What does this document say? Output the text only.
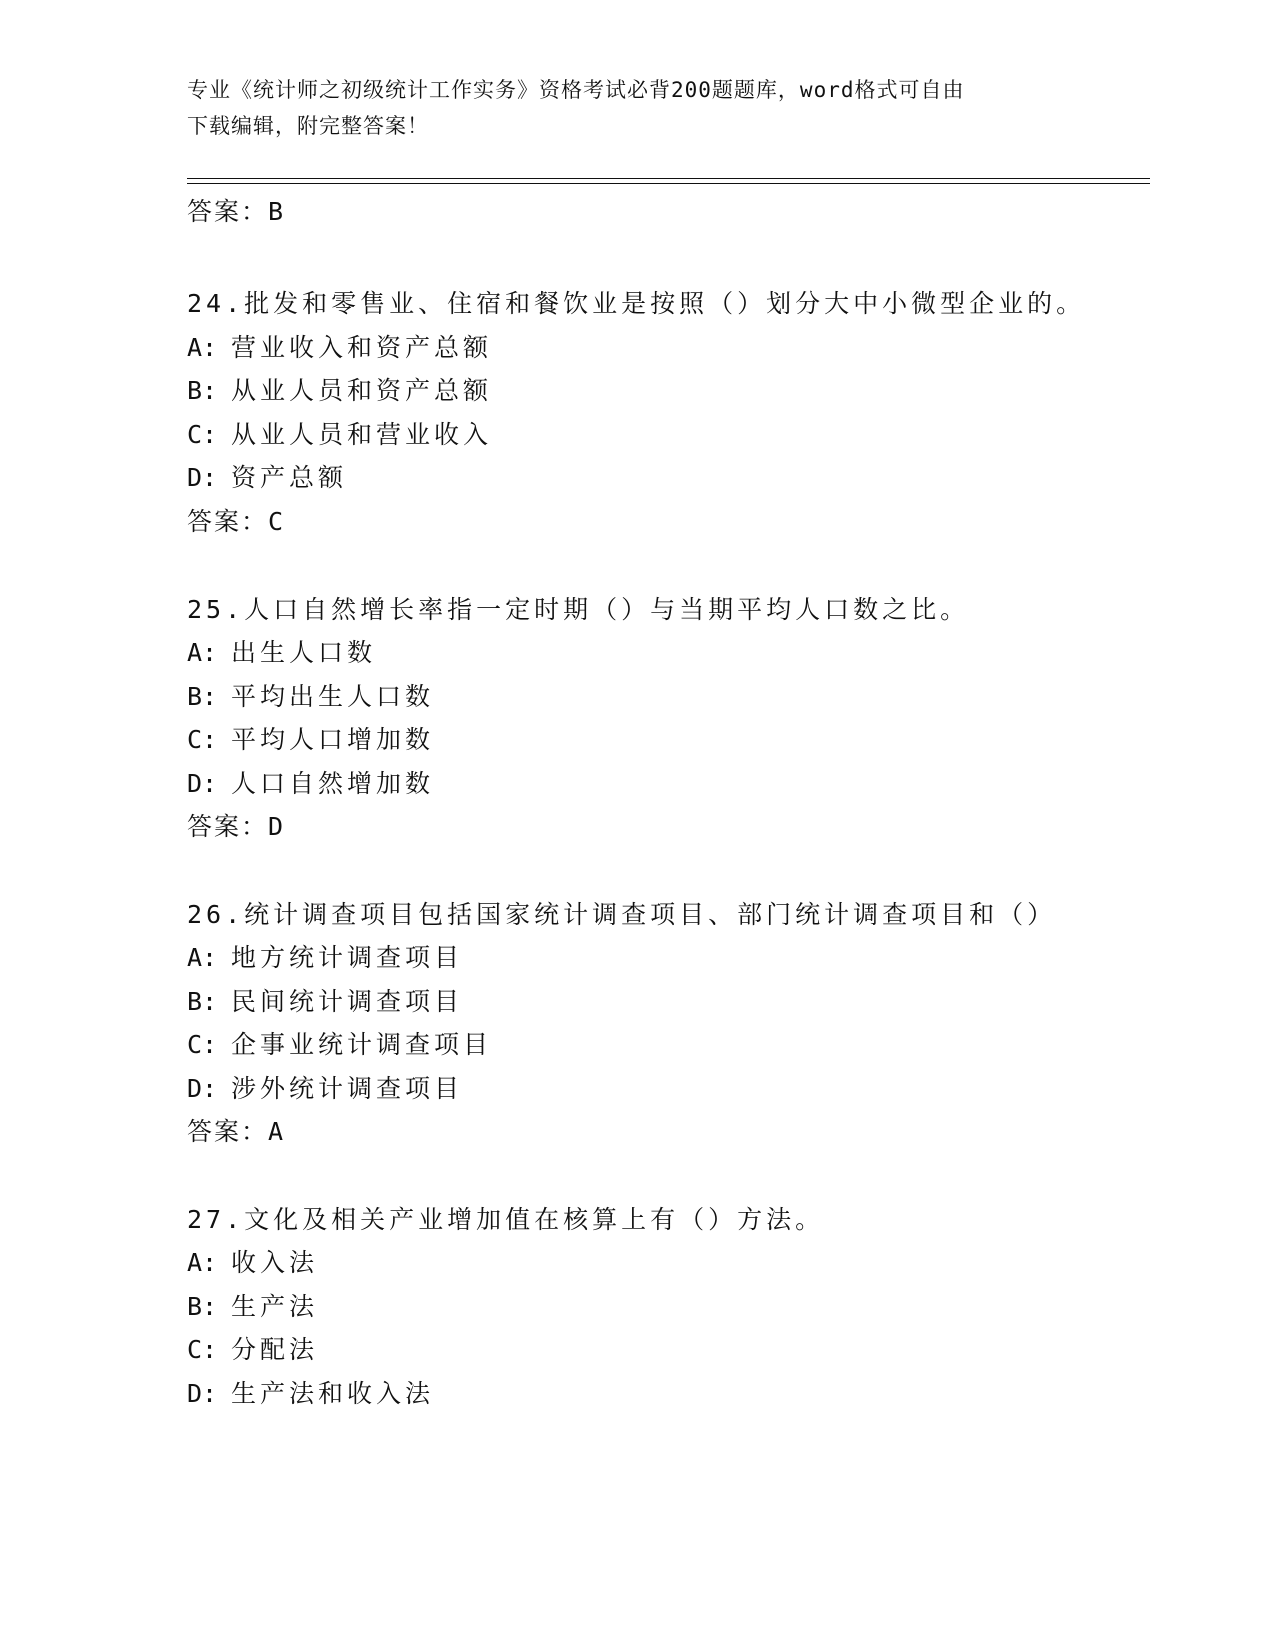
专业《统计师之初级统计工作实务》资格考试必背200题题库，word格式可自由
下载编辑，附完整答案！
答案：B
24.批发和零售业、住宿和餐饮业是按照（）划分大中小微型企业的。
A: 营业收入和资产总额
B: 从业人员和资产总额
C: 从业人员和营业收入
D: 资产总额
答案：C
25.人口自然增长率指一定时期（）与当期平均人口数之比。
A: 出生人口数
B: 平均出生人口数
C: 平均人口增加数
D: 人口自然增加数
答案：D
26.统计调查项目包括国家统计调查项目、部门统计调查项目和（）
A: 地方统计调查项目
B: 民间统计调查项目
C: 企事业统计调查项目
D: 涉外统计调查项目
答案：A
27.文化及相关产业增加值在核算上有（）方法。
A: 收入法
B: 生产法
C: 分配法
D: 生产法和收入法
